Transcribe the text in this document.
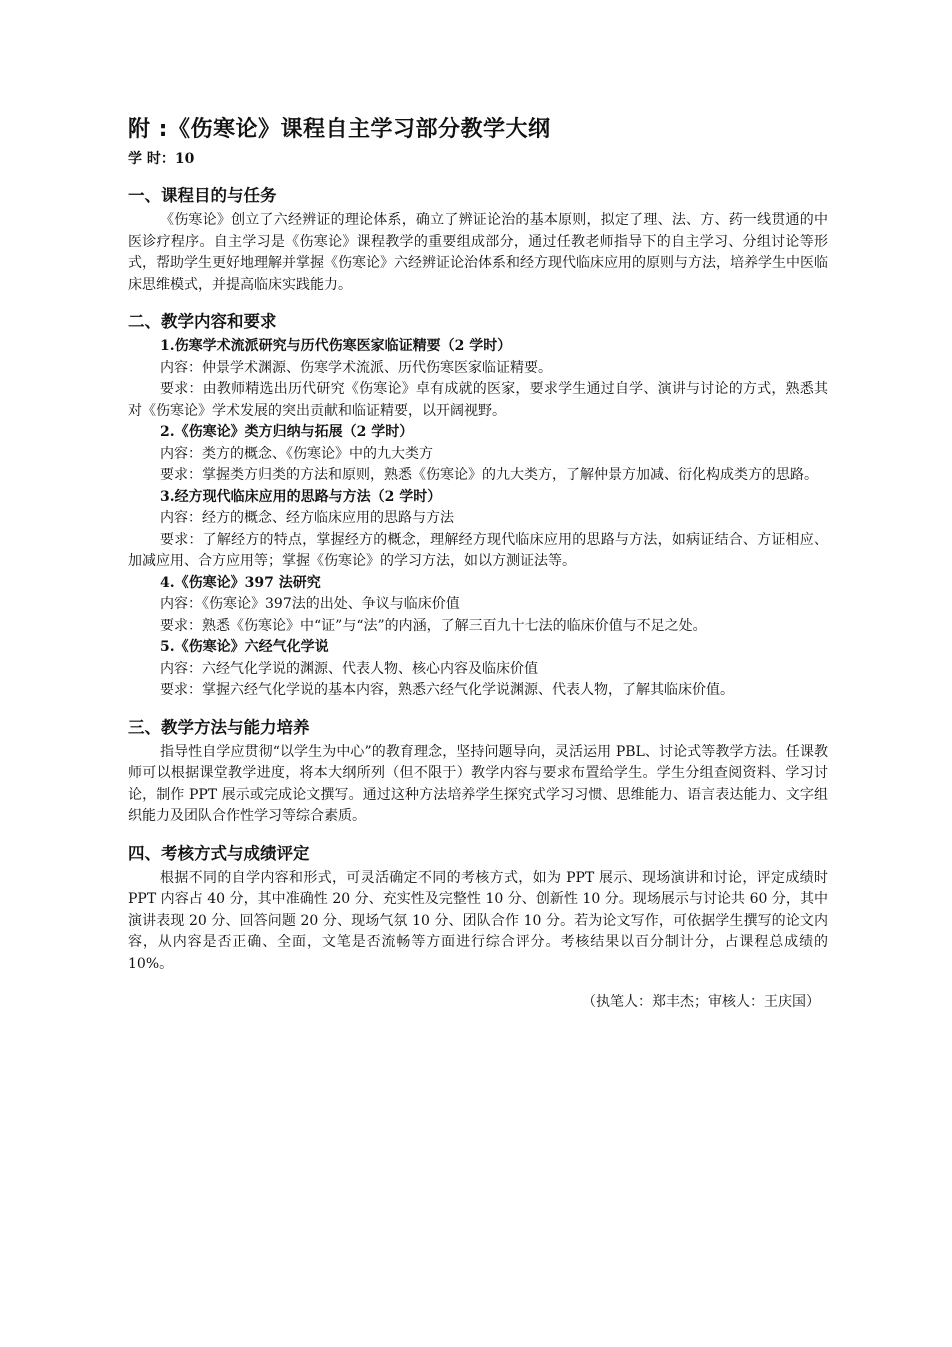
附 :《伤寒论》课程自主学习部分教学大纲
学 时：10
一、课程目的与任务

《伤寒论》创立了六经辨证的理论体系，确立了辨证论治的基本原则，拟定了理、法、方、药一线贯通的中医诊疗程序。自主学习是《伤寒论》课程教学的重要组成部分，通过任教老师指导下的自主学习、分组讨论等形式，帮助学生更好地理解并掌握《伤寒论》六经辨证论治体系和经方现代临床应用的原则与方法，培养学生中医临床思维模式，并提高临床实践能力。

二、教学内容和要求
1.伤寒学术流派研究与历代伤寒医家临证精要（2 学时）

内容：仲景学术渊源、伤寒学术流派、历代伤寒医家临证精要。

要求：由教师精选出历代研究《伤寒论》卓有成就的医家，要求学生通过自学、演讲与讨论的方式，熟悉其对《伤寒论》学术发展的突出贡献和临证精要，以开阔视野。

2.《伤寒论》类方归纳与拓展（2 学时）

内容：类方的概念、《伤寒论》中的九大类方

要求：掌握类方归类的方法和原则，熟悉《伤寒论》的九大类方，了解仲景方加减、衍化构成类方的思路。

3.经方现代临床应用的思路与方法（2 学时）

内容：经方的概念、经方临床应用的思路与方法

要求：了解经方的特点，掌握经方的概念，理解经方现代临床应用的思路与方法，如病证结合、方证相应、加减应用、合方应用等；掌握《伤寒论》的学习方法，如以方测证法等。

4.《伤寒论》397 法研究

内容：《伤寒论》397法的出处、争议与临床价值

要求：熟悉《伤寒论》中“证”与“法”的内涵，了解三百九十七法的临床价值与不足之处。

5.《伤寒论》六经气化学说

内容：六经气化学说的渊源、代表人物、核心内容及临床价值

要求：掌握六经气化学说的基本内容，熟悉六经气化学说渊源、代表人物，了解其临床价值。

三、教学方法与能力培养

指导性自学应贯彻“以学生为中心”的教育理念，坚持问题导向，灵活运用 PBL、讨论式等教学方法。任课教师可以根据课堂教学进度，将本大纲所列（但不限于）教学内容与要求布置给学生。学生分组查阅资料、学习讨论，制作 PPT 展示或完成论文撰写。通过这种方法培养学生探究式学习习惯、思维能力、语言表达能力、文字组织能力及团队合作性学习等综合素质。

四、考核方式与成绩评定

根据不同的自学内容和形式，可灵活确定不同的考核方式，如为 PPT 展示、现场演讲和讨论，评定成绩时 PPT 内容占 40 分，其中准确性 20 分、充实性及完整性 10 分、创新性 10 分。现场展示与讨论共 60 分，其中演讲表现 20 分、回答问题 20 分、现场气氛 10 分、团队合作 10 分。若为论文写作，可依据学生撰写的论文内容，从内容是否正确、全面，文笔是否流畅等方面进行综合评分。考核结果以百分制计分，占课程总成绩的 10%。

（执笔人：郑丰杰；审核人：王庆国）
